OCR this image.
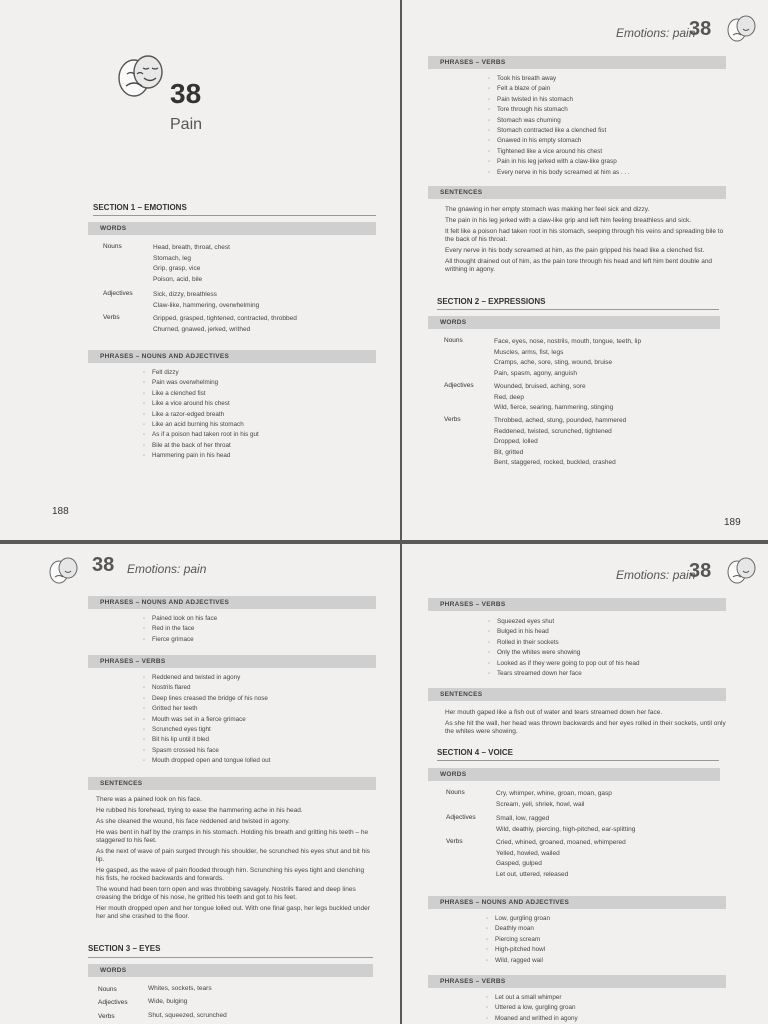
38
Pain
SECTION 1 – EMOTIONS
WORDS
Nouns	Head, breath, throat, chest
Stomach, leg
Grip, grasp, vice
Poison, acid, bile
Adjectives	Sick, dizzy, breathless
Claw-like, hammering, overwhelming
Verbs	Gripped, grasped, tightened, contracted, throbbed
Churned, gnawed, jerked, writhed
PHRASES – NOUNS AND ADJECTIVES
◦ Felt dizzy
◦ Pain was overwhelming
◦ Like a clenched fist
◦ Like a vice around his chest
◦ Like a razor-edged breath
◦ Like an acid burning his stomach
◦ As if a poison had taken root in his gut
◦ Bile at the back of her throat
◦ Hammering pain in his head
188
Emotions: pain
38
PHRASES – VERBS
◦ Took his breath away
◦ Felt a blaze of pain
◦ Pain twisted in his stomach
◦ Tore through his stomach
◦ Stomach was churning
◦ Stomach contracted like a clenched fist
◦ Gnawed in his empty stomach
◦ Tightened like a vice around his chest
◦ Pain in his leg jerked with a claw-like grasp
◦ Every nerve in his body screamed at him as . . .
SENTENCES

The gnawing in her empty stomach was making her feel sick and dizzy.

The pain in his leg jerked with a claw-like grip and left him feeling breathless and sick.

It felt like a poison had taken root in his stomach, seeping through his veins and spreading bile to the back of his throat.

Every nerve in his body screamed at him, as the pain gripped his head like a clenched fist.

All thought drained out of him, as the pain tore through his head and left him bent double and writhing in agony.

SECTION 2 – EXPRESSIONS
WORDS
Nouns	Face, eyes, nose, nostrils, mouth, tongue, teeth, lip
Muscles, arms, fist, legs
Cramps, ache, sore, sting, wound, bruise
Pain, spasm, agony, anguish
Adjectives	Wounded, bruised, aching, sore
Red, deep
Wild, fierce, searing, hammering, stinging
Verbs	Throbbed, ached, stung, pounded, hammered
Reddened, twisted, scrunched, tightened
Dropped, lolled
Bit, gritted
Bent, staggered, rocked, buckled, crashed
189
38 Emotions: pain
PHRASES – NOUNS AND ADJECTIVES
◦ Pained look on his face
◦ Red in the face
◦ Fierce grimace
PHRASES – VERBS
◦ Reddened and twisted in agony
◦ Nostrils flared
◦ Deep lines creased the bridge of his nose
◦ Gritted her teeth
◦ Mouth was set in a fierce grimace
◦ Scrunched eyes tight
◦ Bit his lip until it bled
◦ Spasm crossed his face
◦ Mouth dropped open and tongue lolled out
SENTENCES

There was a pained look on his face.

He rubbed his forehead, trying to ease the hammering ache in his head.

As she cleaned the wound, his face reddened and twisted in agony.

He was bent in half by the cramps in his stomach. Holding his breath and gritting his teeth – he staggered to his feet.

As the next of wave of pain surged through his shoulder, he scrunched his eyes shut and bit his lip.

He gasped, as the wave of pain flooded through him. Scrunching his eyes tight and clenching his fists, he rocked backwards and forwards.

The wound had been torn open and was throbbing savagely. Nostrils flared and deep lines creasing the bridge of his nose, he gritted his teeth and got to his feet.

Her mouth dropped open and her tongue lolled out. With one final gasp, her legs buckled under her and she crashed to the floor.

SECTION 3 – EYES
WORDS
Nouns	Whites, sockets, tears
Adjectives	Wide, bulging
Verbs	Shut, squeezed, scrunched
Emotions: pain
38
PHRASES – VERBS
◦ Squeezed eyes shut
◦ Bulged in his head
◦ Rolled in their sockets
◦ Only the whites were showing
◦ Looked as if they were going to pop out of his head
◦ Tears streamed down her face
SENTENCES

Her mouth gaped like a fish out of water and tears streamed down her face.

As she hit the wall, her head was thrown backwards and her eyes rolled in their sockets, until only the whites were showing.

SECTION 4 – VOICE
WORDS
Nouns	Cry, whimper, whine, groan, moan, gasp
Scream, yell, shriek, howl, wail
Adjectives	Small, low, ragged
Wild, deathly, piercing, high-pitched, ear-splitting
Verbs	Cried, whined, groaned, moaned, whimpered
Yelled, howled, wailed
Gasped, gulped
Let out, uttered, released
PHRASES – NOUNS AND ADJECTIVES
◦ Low, gurgling groan
◦ Deathly moan
◦ Piercing scream
◦ High-pitched howl
◦ Wild, ragged wail
PHRASES – VERBS
◦ Let out a small whimper
◦ Uttered a low, gurgling groan
◦ Moaned and writhed in agony
